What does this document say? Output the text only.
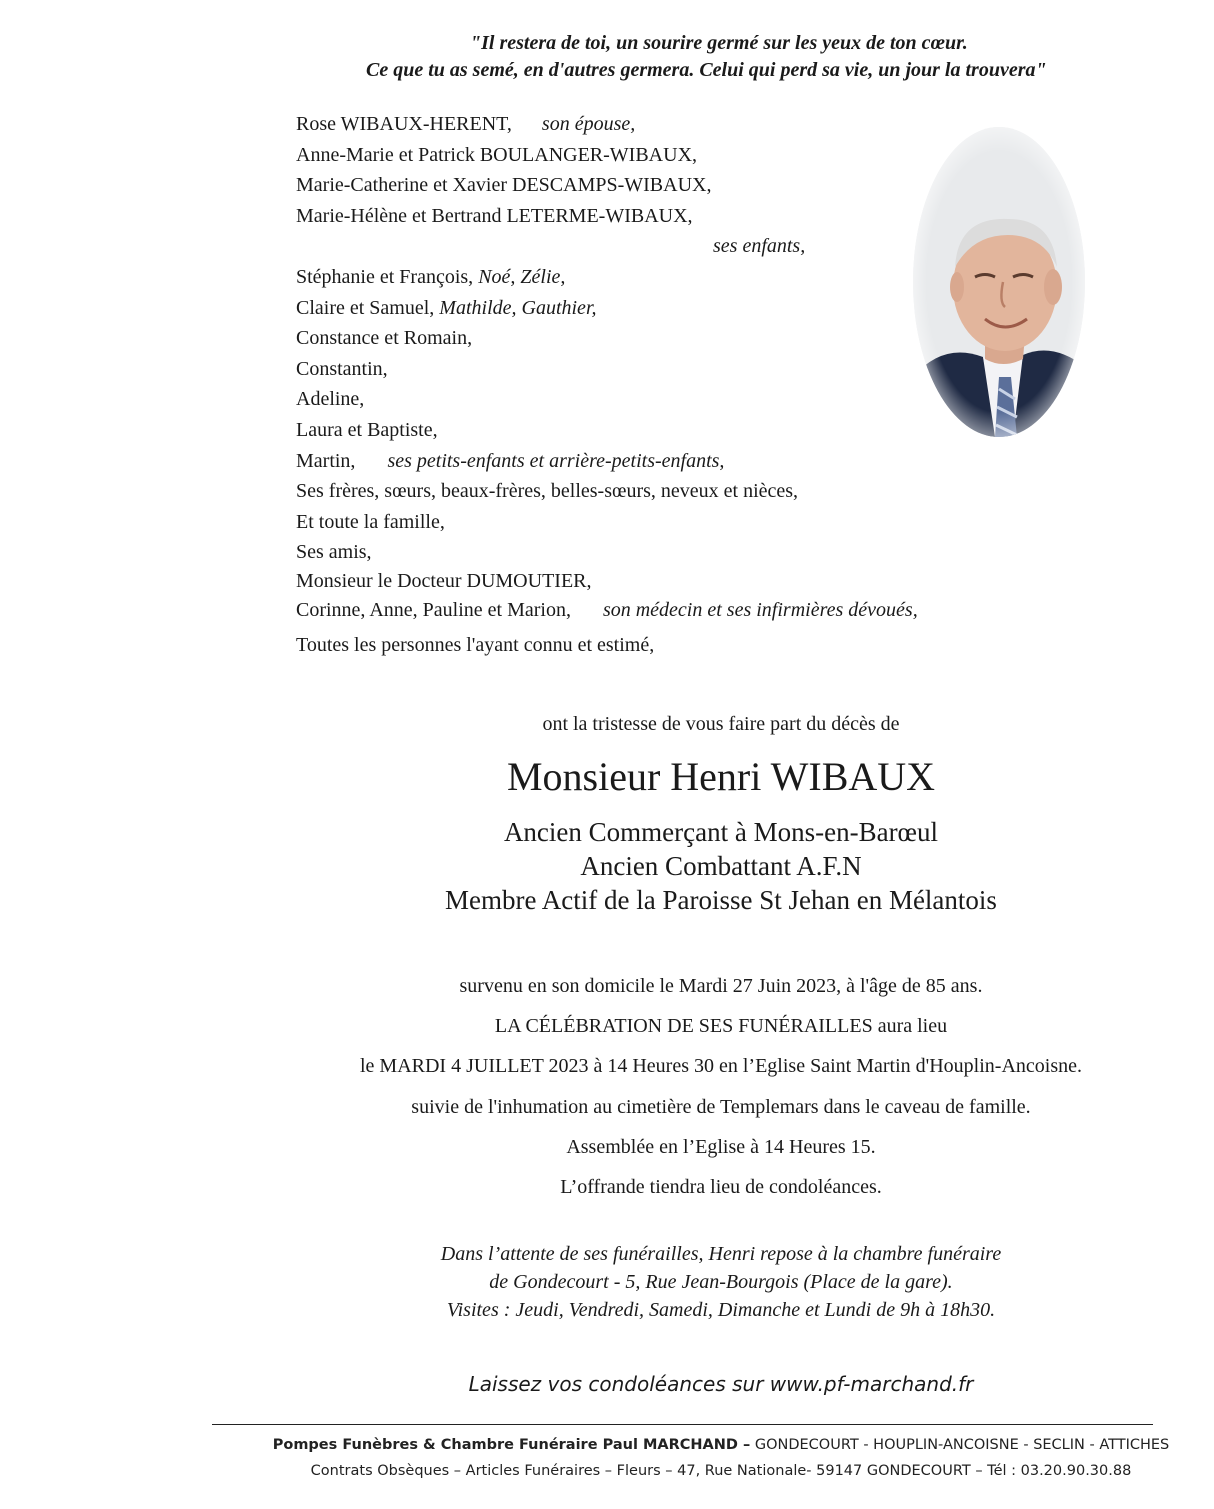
"Il restera de toi, un sourire germé sur les yeux de ton cœur.
Ce que tu as semé, en d'autres germera. Celui qui perd sa vie, un jour la trouvera"
Rose WIBAUX-HERENT, son épouse,
Anne-Marie et Patrick BOULANGER-WIBAUX,
Marie-Catherine et Xavier DESCAMPS-WIBAUX,
Marie-Hélène et Bertrand LETERME-WIBAUX,
ses enfants,
Stéphanie et François, Noé, Zélie,
Claire et Samuel, Mathilde, Gauthier,
Constance et Romain,
Constantin,
Adeline,
Laura et Baptiste,
Martin, ses petits-enfants et arrière-petits-enfants,
Ses frères, sœurs, beaux-frères, belles-sœurs, neveux et nièces,
Et toute la famille,
Ses amis,
Monsieur le Docteur DUMOUTIER,
Corinne, Anne, Pauline et Marion, son médecin et ses infirmières dévoués,
Toutes les personnes l'ayant connu et estimé,
ont la tristesse de vous faire part du décès de
Monsieur Henri WIBAUX
Ancien Commerçant à Mons-en-Barœul
Ancien Combattant A.F.N
Membre Actif de la Paroisse St Jehan en Mélantois
survenu en son domicile le Mardi 27 Juin 2023, à l'âge de 85 ans.
LA CÉLÉBRATION DE SES FUNÉRAILLES aura lieu
le MARDI 4 JUILLET 2023 à 14 Heures 30 en l’Eglise Saint Martin d'Houplin-Ancoisne.
suivie de l'inhumation au cimetière de Templemars dans le caveau de famille.
Assemblée en l’Eglise à 14 Heures 15.
L’offrande tiendra lieu de condoléances.
Dans l’attente de ses funérailles, Henri repose à la chambre funéraire
de Gondecourt - 5, Rue Jean-Bourgois (Place de la gare).
Visites : Jeudi, Vendredi, Samedi, Dimanche et Lundi de 9h à 18h30.
Laissez vos condoléances sur www.pf-marchand.fr
Pompes Funèbres & Chambre Funéraire Paul MARCHAND – GONDECOURT - HOUPLIN-ANCOISNE - SECLIN - ATTICHES
Contrats Obsèques – Articles Funéraires – Fleurs – 47, Rue Nationale- 59147 GONDECOURT – Tél : 03.20.90.30.88
